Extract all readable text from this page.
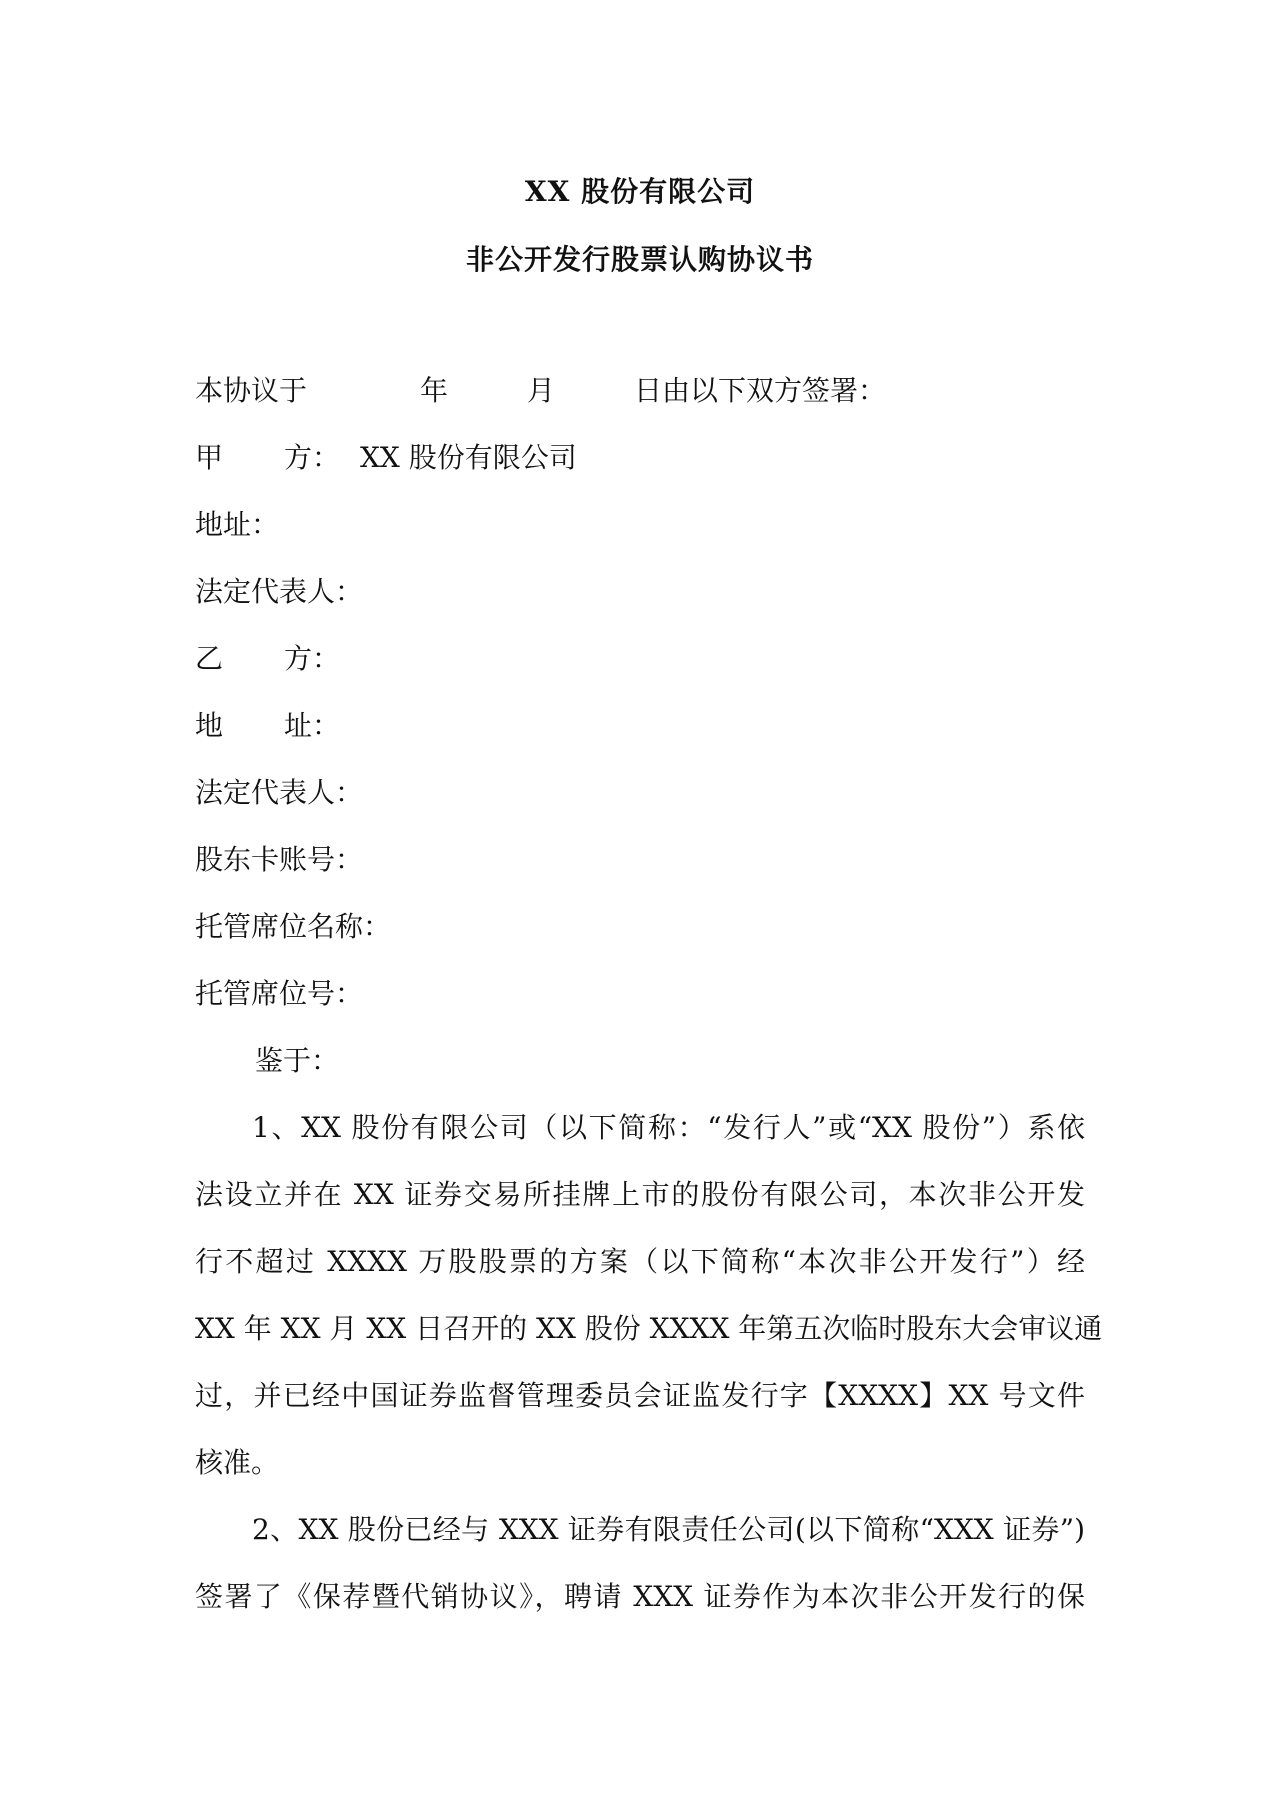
XX 股份有限公司
非公开发行股票认购协议书
本协议于	年	月	日由以下双方签署：
甲 方： XX 股份有限公司
地址：
法定代表人：
乙 方：
地 址：
法定代表人：
股东卡账号：
托管席位名称：
托管席位号：
鉴于：
1、XX 股份有限公司（以下简称：“发行人”或“XX 股份”）系依
法设立并在 XX 证券交易所挂牌上市的股份有限公司，本次非公开发
行不超过 XXXX 万股股票的方案（以下简称“本次非公开发行”）经
XX 年 XX 月 XX 日召开的 XX 股份 XXXX 年第五次临时股东大会审议通
过，并已经中国证券监督管理委员会证监发行字【XXXX】XX 号文件
核准。
2、XX 股份已经与 XXX 证券有限责任公司(以下简称“XXX 证券”)
签署了《保荐暨代销协议》，聘请 XXX 证券作为本次非公开发行的保
